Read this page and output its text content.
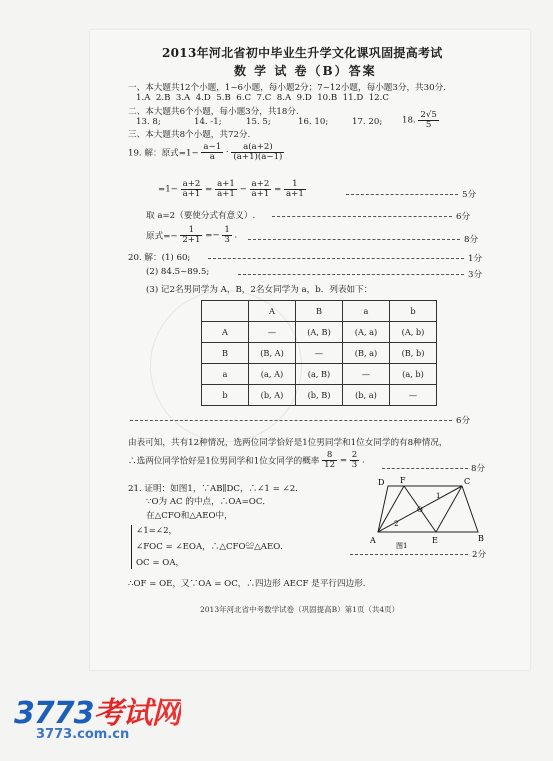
2013年河北省初中毕业生升学文化课巩固提高考试
数 学 试 卷（B）答案
一、本大题共12个小题，1~6小题，每小题2分；7~12小题，每小题3分，共30分.
1.A 2.B 3.A 4.D 5.B 6.C 7.C 8.A 9.D 10.B 11.D 12.C
二、本大题共6个小题，每小题3分，共18分.
13. 8;	14. -1;	15. 5;	16. 10;	17. 20; 18. $\frac{2√5}{5}$
三、本大题共8个小题，共72分.
19. 解：原式$=1- \frac{a-1}{a} \cdot \frac{a(a+2)}{(a+1)(a-1)}$
$=1- \frac{a+2}{a+1} = \frac{a+1}{a+1} - \frac{a+2}{a+1} = \frac{1}{a+1}$	5分
取 a=2（要使分式有意义）.	6分
原式=− $\frac{1}{2+1} =- \frac{1}{3}$ .	8分
20. 解：(1) 60;	1分
(2) 84.5~89.5;	3分
(3) 记2名男同学为 A，B，2名女同学为 a，b．列表如下：
	A	B	a	b
A	—	(A, B)	(A, a)	(A, b)
B	(B, A)	—	(B, a)	(B, b)
a	(a, A)	(a, B)	—	(a, b)
b	(b, A)	(b, B)	(b, a)	—
6分
由表可知，共有12种情况，选两位同学恰好是1位男同学和1位女同学的有8种情况，
∴选两位同学恰好是1位男同学和1位女同学的概率 $\frac{8}{12} = \frac{2}{3}$ .
8分
21. 证明：如图1，∵AB∥DC，∴∠1 = ∠2．
∵O为 AC 的中点，∴OA=OC．
在△CFO和△AEO中，
∠1=∠2，
∠FOC = ∠EOA，∴△CFO≌△AEO．
OC = OA，
2分
∴OF = OE，又∵OA = OC，∴四边形 AECF 是平行四边形．
D F	C
1
O
2
A	E	B
图1
2013年河北省中考数学试卷（巩固提高B）第1页（共4页）
3773考试网
3773.com.cn
